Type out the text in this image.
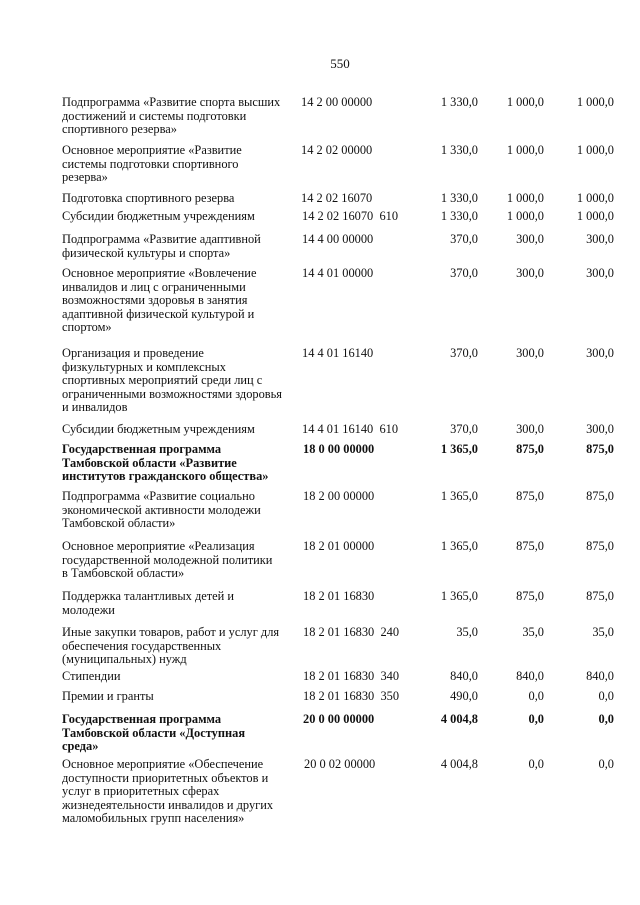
550
Подпрограмма «Развитие спорта высших
достижений и системы подготовки
спортивного резерва»
14 2 00 00000	1 330,0	1 000,0	1 000,0
Основное мероприятие «Развитие
системы подготовки спортивного
резерва»
14 2 02 00000	1 330,0	1 000,0	1 000,0
Подготовка спортивного резерва	14 2 02 16070	1 330,0	1 000,0	1 000,0
Субсидии бюджетным учреждениям	14 2 02 16070  610	1 330,0	1 000,0	1 000,0
Подпрограмма «Развитие адаптивной
физической культуры и спорта»
14 4 00 00000	370,0	300,0	300,0
Основное мероприятие «Вовлечение
инвалидов и лиц с ограниченными
возможностями здоровья в занятия
адаптивной физической культурой и
спортом»
14 4 01 00000	370,0	300,0	300,0
Организация и проведение
физкультурных и комплексных
спортивных мероприятий среди лиц с
ограниченными возможностями здоровья
и инвалидов
14 4 01 16140	370,0	300,0	300,0
Субсидии бюджетным учреждениям	14 4 01 16140  610	370,0	300,0	300,0
Государственная программа
Тамбовской области «Развитие
институтов гражданского общества»
18 0 00 00000	1 365,0	875,0	875,0
Подпрограмма «Развитие социально
экономической активности молодежи
Тамбовской области»
18 2 00 00000	1 365,0	875,0	875,0
Основное мероприятие «Реализация
государственной молодежной политики
в Тамбовской области»
18 2 01 00000	1 365,0	875,0	875,0
Поддержка талантливых детей и
молодежи
18 2 01 16830	1 365,0	875,0	875,0
Иные закупки товаров, работ и услуг для
обеспечения государственных
(муниципальных) нужд
18 2 01 16830  240	35,0	35,0	35,0
Стипендии	18 2 01 16830  340	840,0	840,0	840,0
Премии и гранты	18 2 01 16830  350	490,0	0,0	0,0
Государственная программа
Тамбовской области «Доступная
среда»
20 0 00 00000	4 004,8	0,0	0,0
Основное мероприятие «Обеспечение
доступности приоритетных объектов и
услуг в приоритетных сферах
жизнедеятельности инвалидов и других
маломобильных групп населения»
20 0 02 00000	4 004,8	0,0	0,0
